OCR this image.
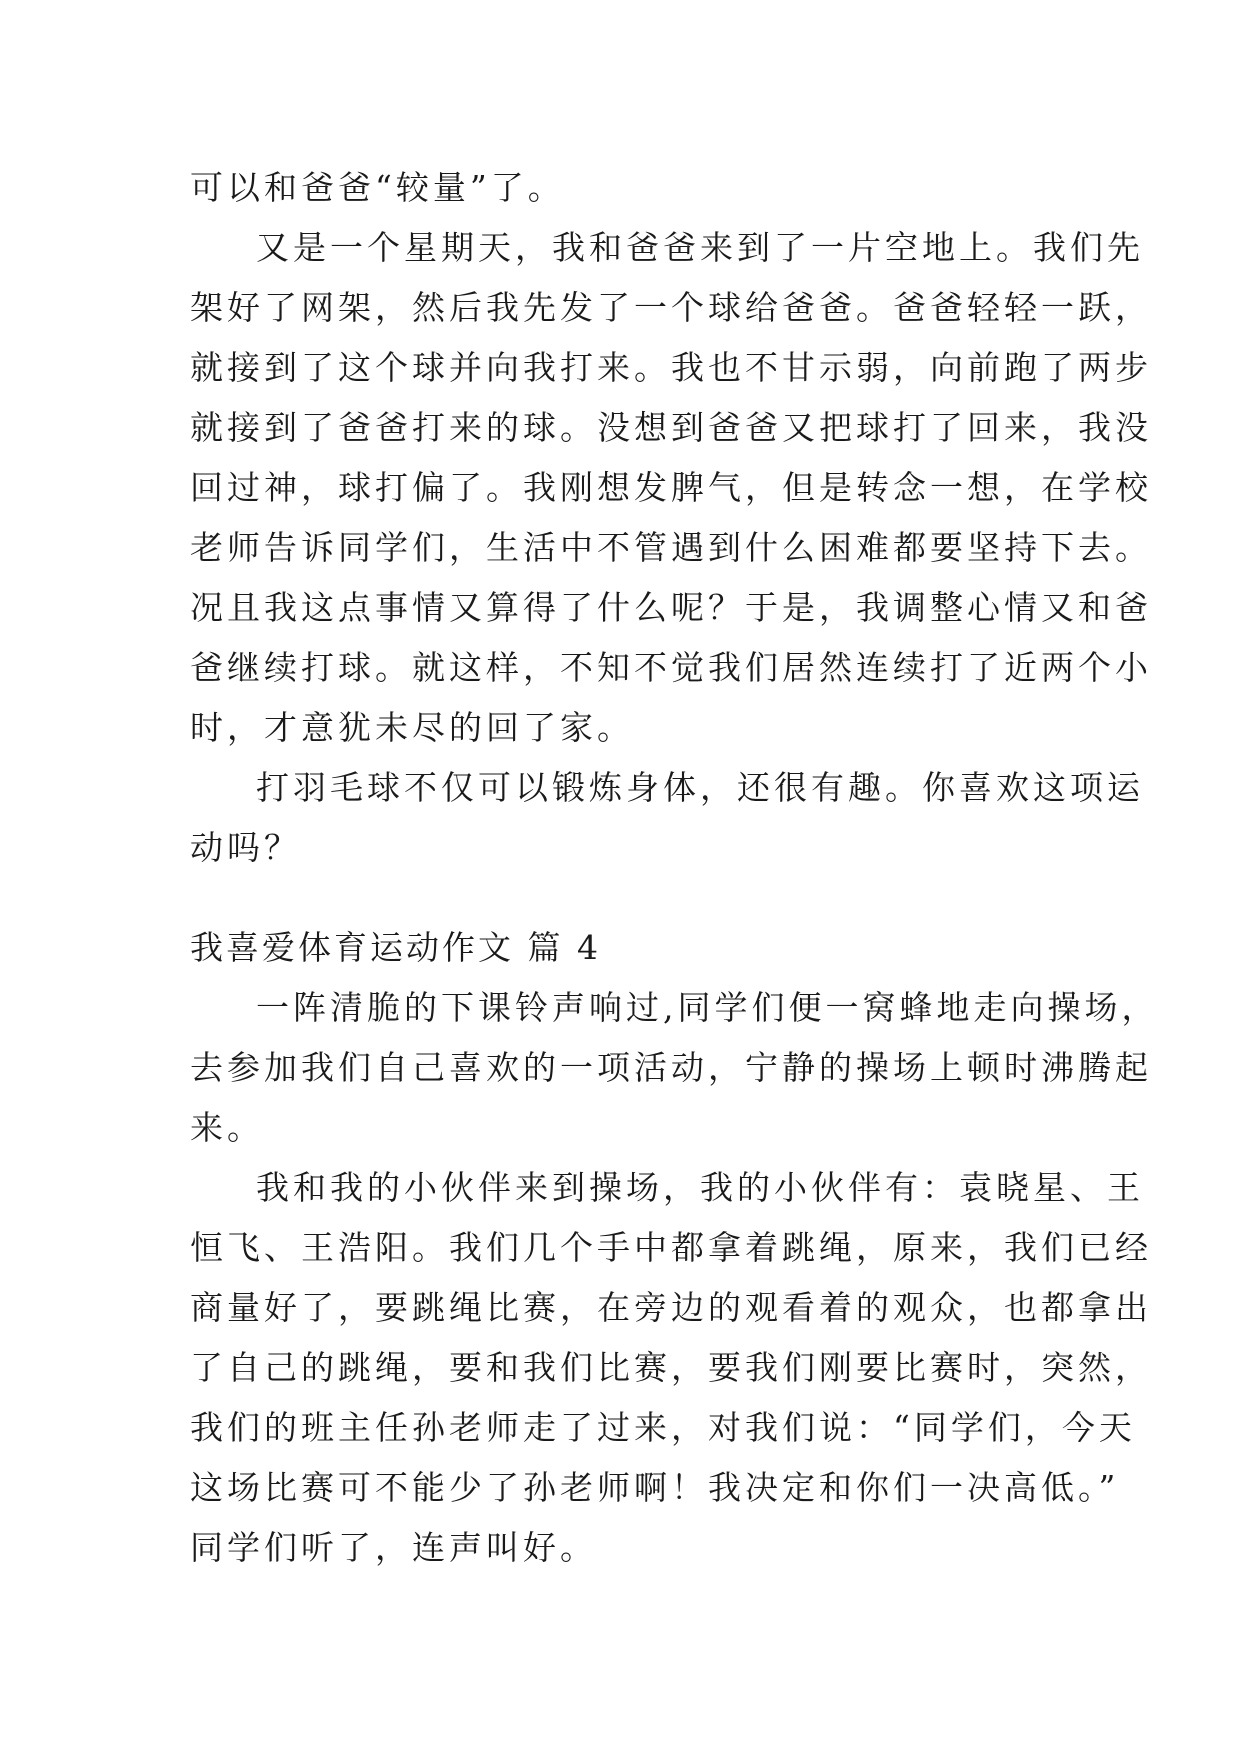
可以和爸爸“较量”了。
又是一个星期天，我和爸爸来到了一片空地上。我们先
架好了网架，然后我先发了一个球给爸爸。爸爸轻轻一跃，
就接到了这个球并向我打来。我也不甘示弱，向前跑了两步
就接到了爸爸打来的球。没想到爸爸又把球打了回来，我没
回过神，球打偏了。我刚想发脾气，但是转念一想，在学校
老师告诉同学们，生活中不管遇到什么困难都要坚持下去。
况且我这点事情又算得了什么呢？于是，我调整心情又和爸
爸继续打球。就这样，不知不觉我们居然连续打了近两个小
时，才意犹未尽的回了家。
打羽毛球不仅可以锻炼身体，还很有趣。你喜欢这项运
动吗？
我喜爱体育运动作文 篇 4
一阵清脆的下课铃声响过,同学们便一窝蜂地走向操场，
去参加我们自己喜欢的一项活动，宁静的操场上顿时沸腾起
来。
我和我的小伙伴来到操场，我的小伙伴有：袁晓星、王
恒飞、王浩阳。我们几个手中都拿着跳绳，原来，我们已经
商量好了，要跳绳比赛，在旁边的观看着的观众，也都拿出
了自己的跳绳，要和我们比赛，要我们刚要比赛时，突然，
我们的班主任孙老师走了过来，对我们说：“同学们，今天
这场比赛可不能少了孙老师啊！我决定和你们一决高低。”
同学们听了，连声叫好。
